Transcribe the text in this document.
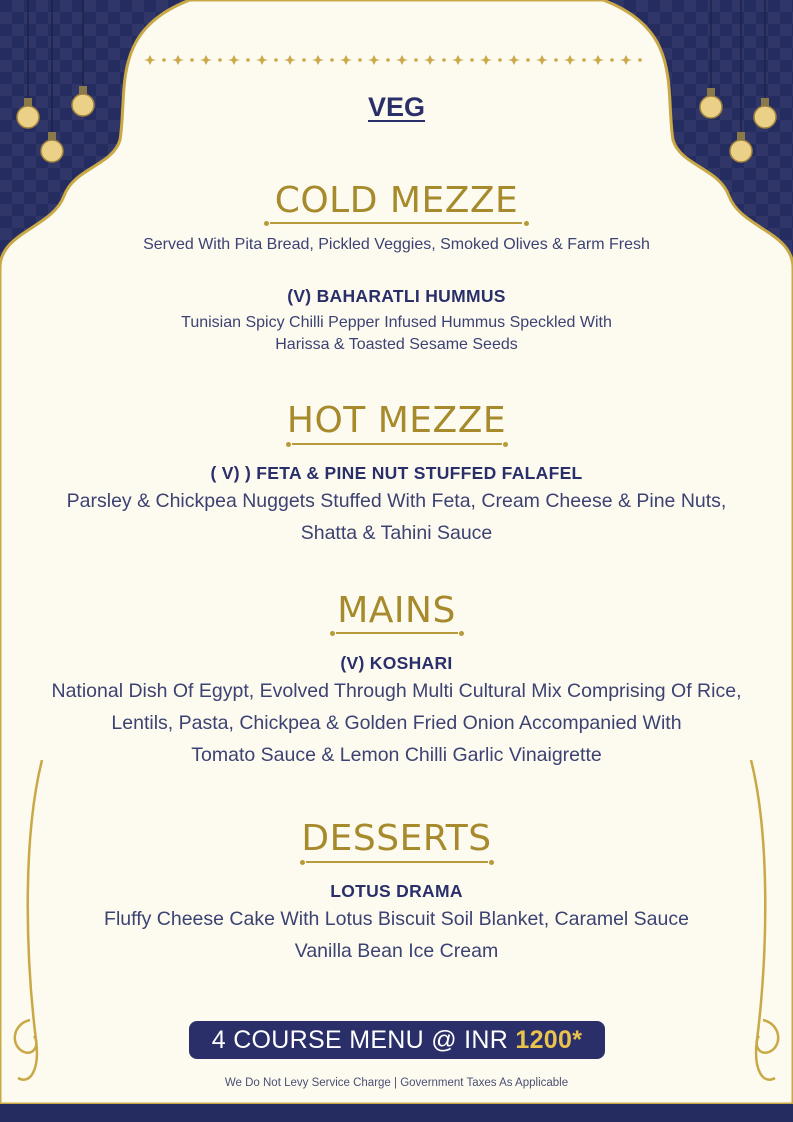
VEG
COLD MEZZE
Served With Pita Bread, Pickled Veggies, Smoked Olives & Farm Fresh
(V) BAHARATLI HUMMUS
Tunisian Spicy Chilli Pepper Infused Hummus Speckled With
Harissa & Toasted Sesame Seeds
HOT MEZZE
( V) ) FETA & PINE NUT STUFFED FALAFEL
Parsley & Chickpea Nuggets Stuffed With Feta, Cream Cheese & Pine Nuts,
Shatta & Tahini Sauce
MAINS
(V) KOSHARI
National Dish Of Egypt, Evolved Through Multi Cultural Mix Comprising Of Rice,
Lentils, Pasta, Chickpea & Golden Fried Onion Accompanied With
Tomato Sauce & Lemon Chilli Garlic Vinaigrette
DESSERTS
LOTUS DRAMA
Fluffy Cheese Cake With Lotus Biscuit Soil Blanket, Caramel Sauce
Vanilla Bean Ice Cream
4 COURSE MENU @ INR 1200*
We Do Not Levy Service Charge | Government Taxes As Applicable
